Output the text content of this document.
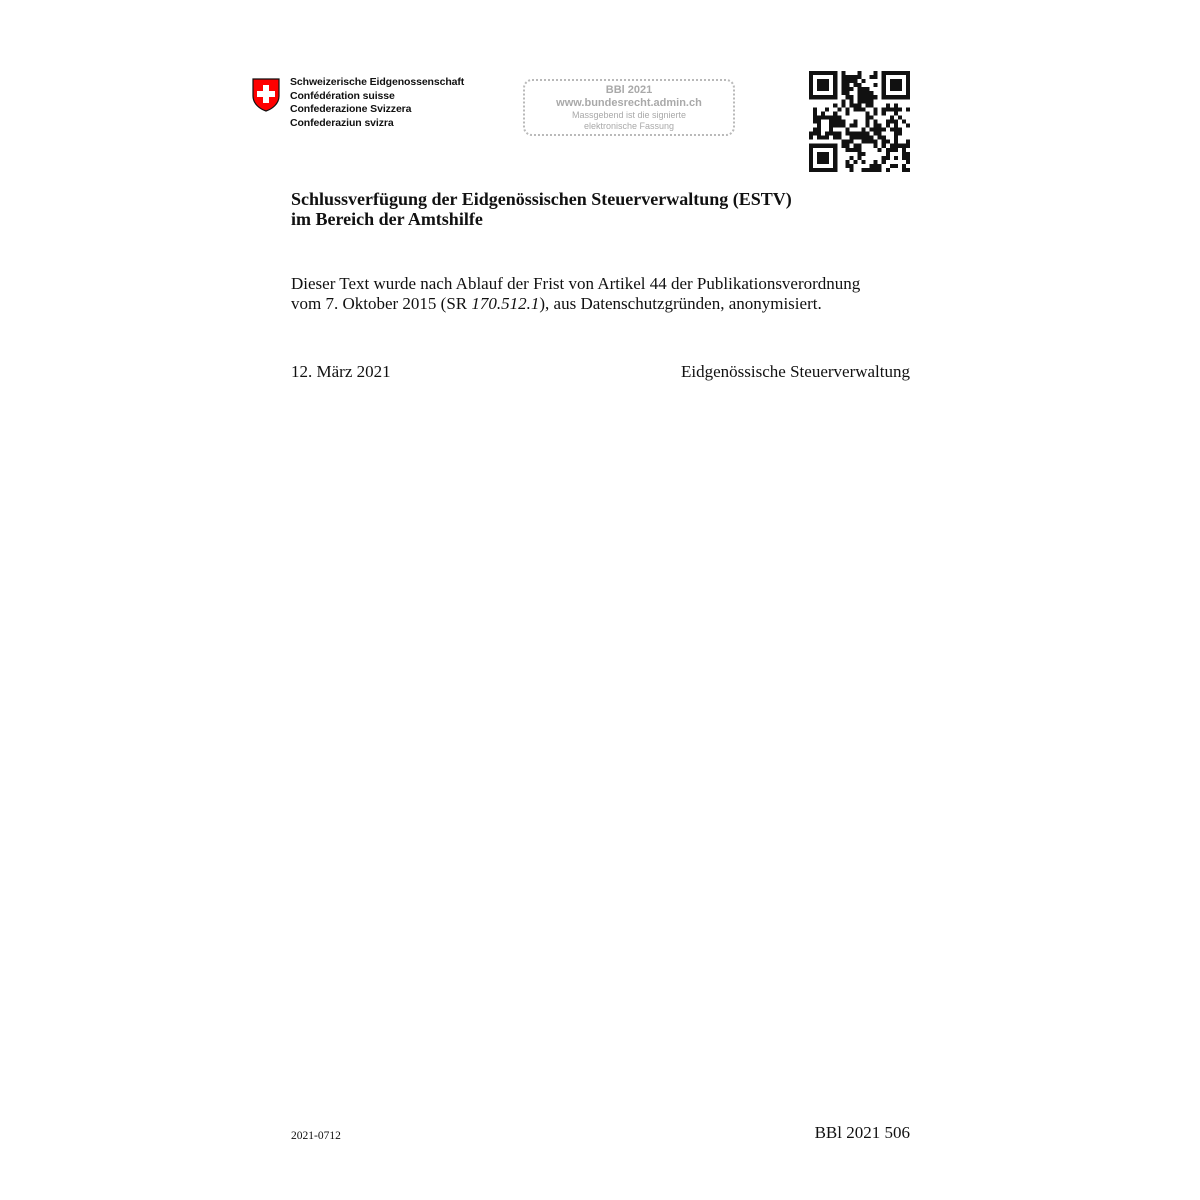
Schweizerische Eidgenossenschaft
Confédération suisse
Confederazione Svizzera
Confederaziun svizra
BBl 2021
www.bundesrecht.admin.ch
Massgebend ist die signierte
elektronische Fassung
Schlussverfügung der Eidgenössischen Steuerverwaltung (ESTV)
im Bereich der Amtshilfe
Dieser Text wurde nach Ablauf der Frist von Artikel 44 der Publikationsverordnung
vom 7. Oktober 2015 (SR 170.512.1), aus Datenschutzgründen, anonymisiert.
12. März 2021	Eidgenössische Steuerverwaltung
2021-0712	BBl 2021 506
